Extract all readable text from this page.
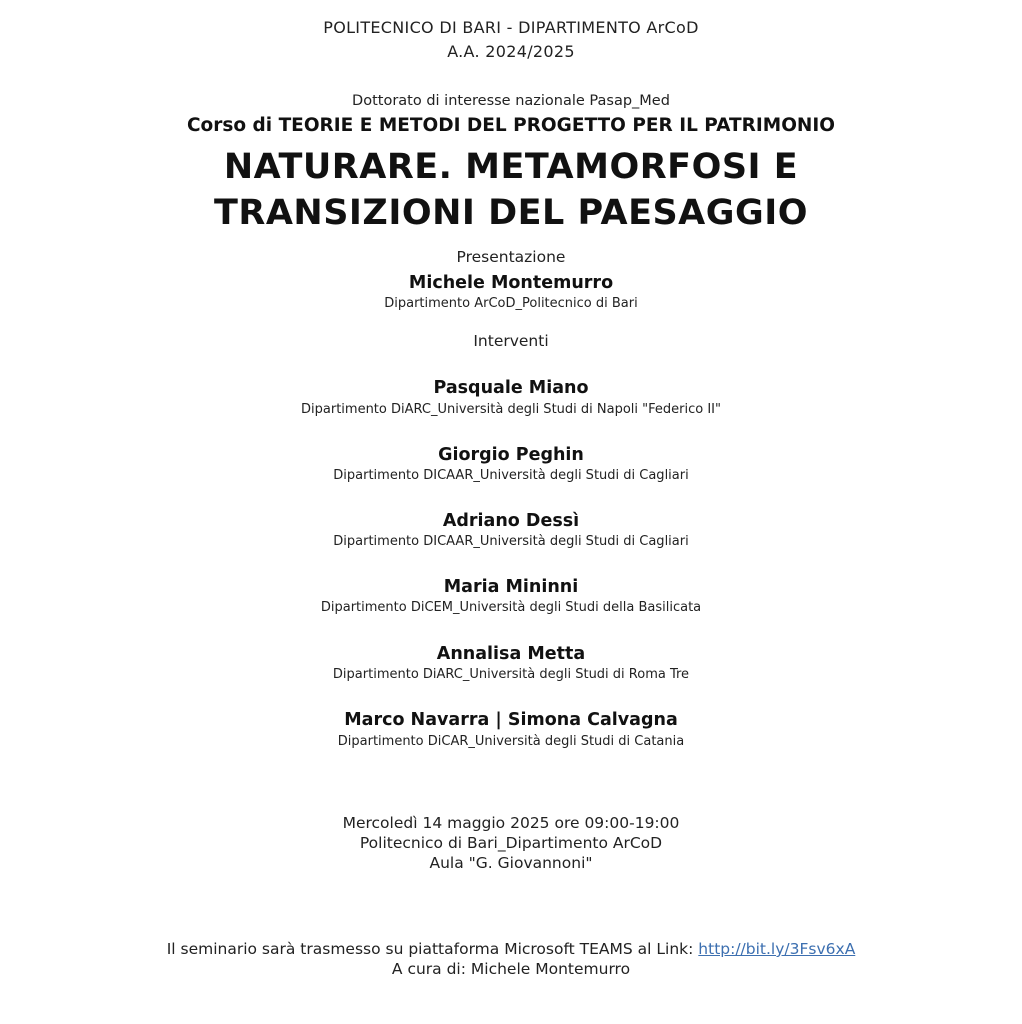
POLITECNICO DI BARI - DIPARTIMENTO ArCoD
A.A. 2024/2025
Dottorato di interesse nazionale Pasap_Med
Corso di TEORIE E METODI DEL PROGETTO PER IL PATRIMONIO
NATURARE. METAMORFOSI E
TRANSIZIONI DEL PAESAGGIO
Presentazione
Michele Montemurro
Dipartimento ArCoD_Politecnico di Bari
Interventi
Pasquale Miano
Dipartimento DiARC_Università degli Studi di Napoli "Federico II"
Giorgio Peghin
Dipartimento DICAAR_Università degli Studi di Cagliari
Adriano Dessì
Dipartimento DICAAR_Università degli Studi di Cagliari
Maria Mininni
Dipartimento DiCEM_Università degli Studi della Basilicata
Annalisa Metta
Dipartimento DiARC_Università degli Studi di Roma Tre
Marco Navarra | Simona Calvagna
Dipartimento DiCAR_Università degli Studi di Catania
Mercoledì 14 maggio 2025 ore 09:00-19:00
Politecnico di Bari_Dipartimento ArCoD
Aula "G. Giovannoni"
Il seminario sarà trasmesso su piattaforma Microsoft TEAMS al Link: http://bit.ly/3Fsv6xA
A cura di: Michele Montemurro
